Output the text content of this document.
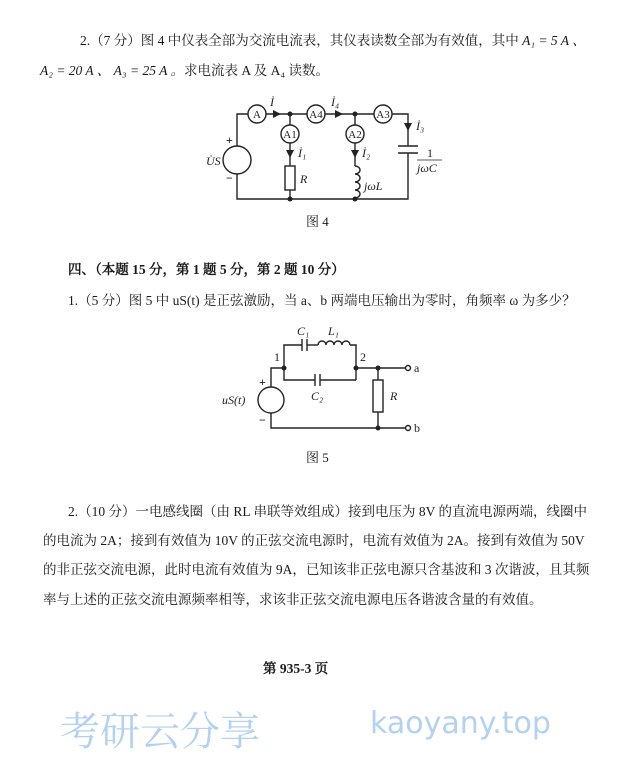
考研云分享	kaoyany.top
2.（7 分）图 4 中仪表全部为交流电流表，其仪表读数全部为有效值，其中 A₁ = 5 A 、
A₂ = 20 A 、 A₃ = 25 A 。求电流表 A 及 A₄ 读数。
A	A4	A3
A1	A2
İ	İ₄
İ₃
İ₁	İ₂
U̇S
R	jωL
1
jωC
+
−
C₁ L₁
C₂
1	2
uS(t)	R
a
b
+
−
图 4
四、（本题 15 分，第 1 题 5 分，第 2 题 10 分）
1.（5 分）图 5 中 uS(t) 是正弦激励，当 a、b 两端电压输出为零时，角频率 ω 为多少？
图 5
2.（10 分）一电感线圈（由 RL 串联等效组成）接到电压为 8V 的直流电源两端，线圈中
的电流为 2A；接到有效值为 10V 的正弦交流电源时，电流有效值为 2A。接到有效值为 50V
的非正弦交流电源，此时电流有效值为 9A，已知该非正弦电源只含基波和 3 次谐波，且其频
率与上述的正弦交流电源频率相等，求该非正弦交流电源电压各谐波含量的有效值。
第 935-3 页
